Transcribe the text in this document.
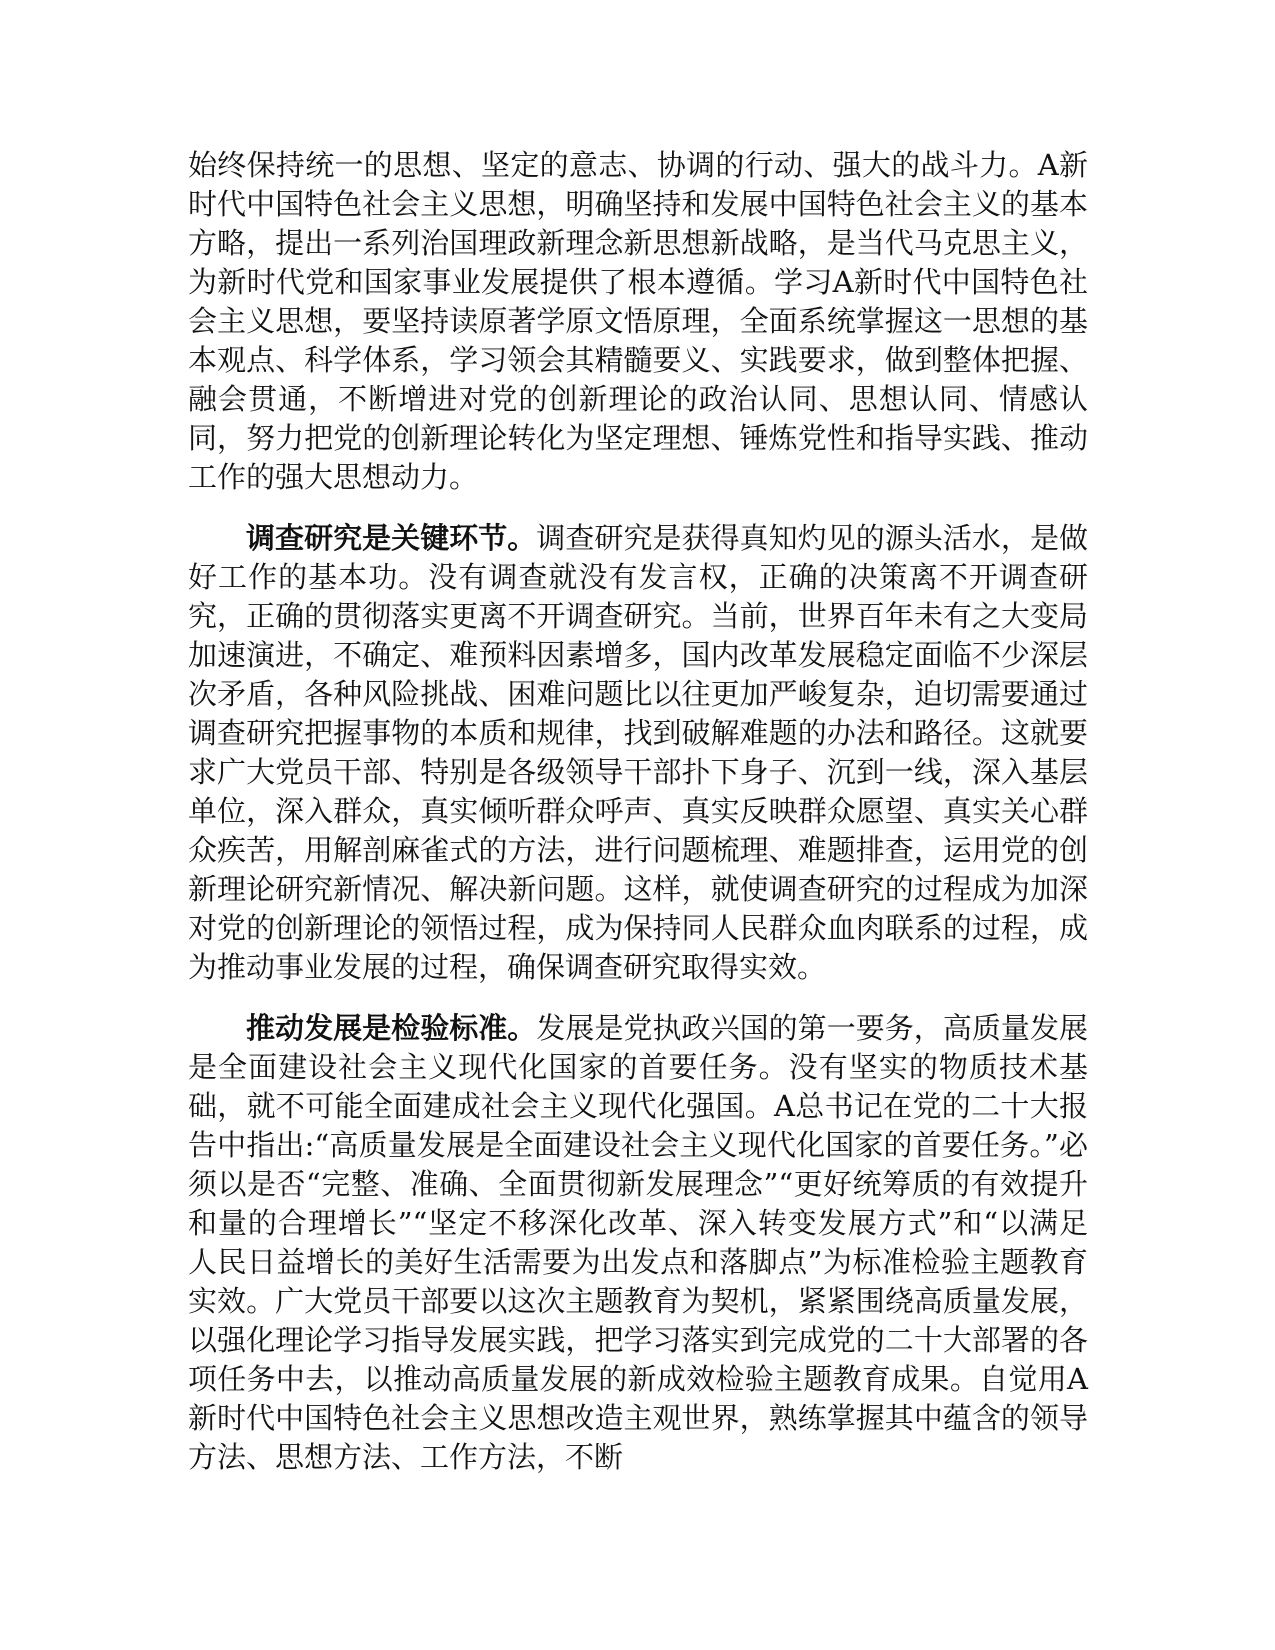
始终保持统一的思想、坚定的意志、协调的行动、强大的战斗力。A新时代中国特色社会主义思想，明确坚持和发展中国特色社会主义的基本方略，提出一系列治国理政新理念新思想新战略，是当代马克思主义，为新时代党和国家事业发展提供了根本遵循。学习A新时代中国特色社会主义思想，要坚持读原著学原文悟原理，全面系统掌握这一思想的基本观点、科学体系，学习领会其精髓要义、实践要求，做到整体把握、融会贯通，不断增进对党的创新理论的政治认同、思想认同、情感认同，努力把党的创新理论转化为坚定理想、锤炼党性和指导实践、推动工作的强大思想动力。

调查研究是关键环节。调查研究是获得真知灼见的源头活水，是做好工作的基本功。没有调查就没有发言权，正确的决策离不开调查研究，正确的贯彻落实更离不开调查研究。当前，世界百年未有之大变局加速演进，不确定、难预料因素增多，国内改革发展稳定面临不少深层次矛盾，各种风险挑战、困难问题比以往更加严峻复杂，迫切需要通过调查研究把握事物的本质和规律，找到破解难题的办法和路径。这就要求广大党员干部、特别是各级领导干部扑下身子、沉到一线，深入基层单位，深入群众，真实倾听群众呼声、真实反映群众愿望、真实关心群众疾苦，用解剖麻雀式的方法，进行问题梳理、难题排查，运用党的创新理论研究新情况、解决新问题。这样，就使调查研究的过程成为加深对党的创新理论的领悟过程，成为保持同人民群众血肉联系的过程，成为推动事业发展的过程，确保调查研究取得实效。

推动发展是检验标准。发展是党执政兴国的第一要务，高质量发展是全面建设社会主义现代化国家的首要任务。没有坚实的物质技术基础，就不可能全面建成社会主义现代化强国。A总书记在党的二十大报告中指出:“高质量发展是全面建设社会主义现代化国家的首要任务。”必须以是否“完整、准确、全面贯彻新发展理念”“更好统筹质的有效提升和量的合理增长”“坚定不移深化改革、深入转变发展方式”和“以满足人民日益增长的美好生活需要为出发点和落脚点”为标准检验主题教育实效。广大党员干部要以这次主题教育为契机，紧紧围绕高质量发展，以强化理论学习指导发展实践，把学习落实到完成党的二十大部署的各项任务中去，以推动高质量发展的新成效检验主题教育成果。自觉用A新时代中国特色社会主义思想改造主观世界，熟练掌握其中蕴含的领导方法、思想方法、工作方法，不断
